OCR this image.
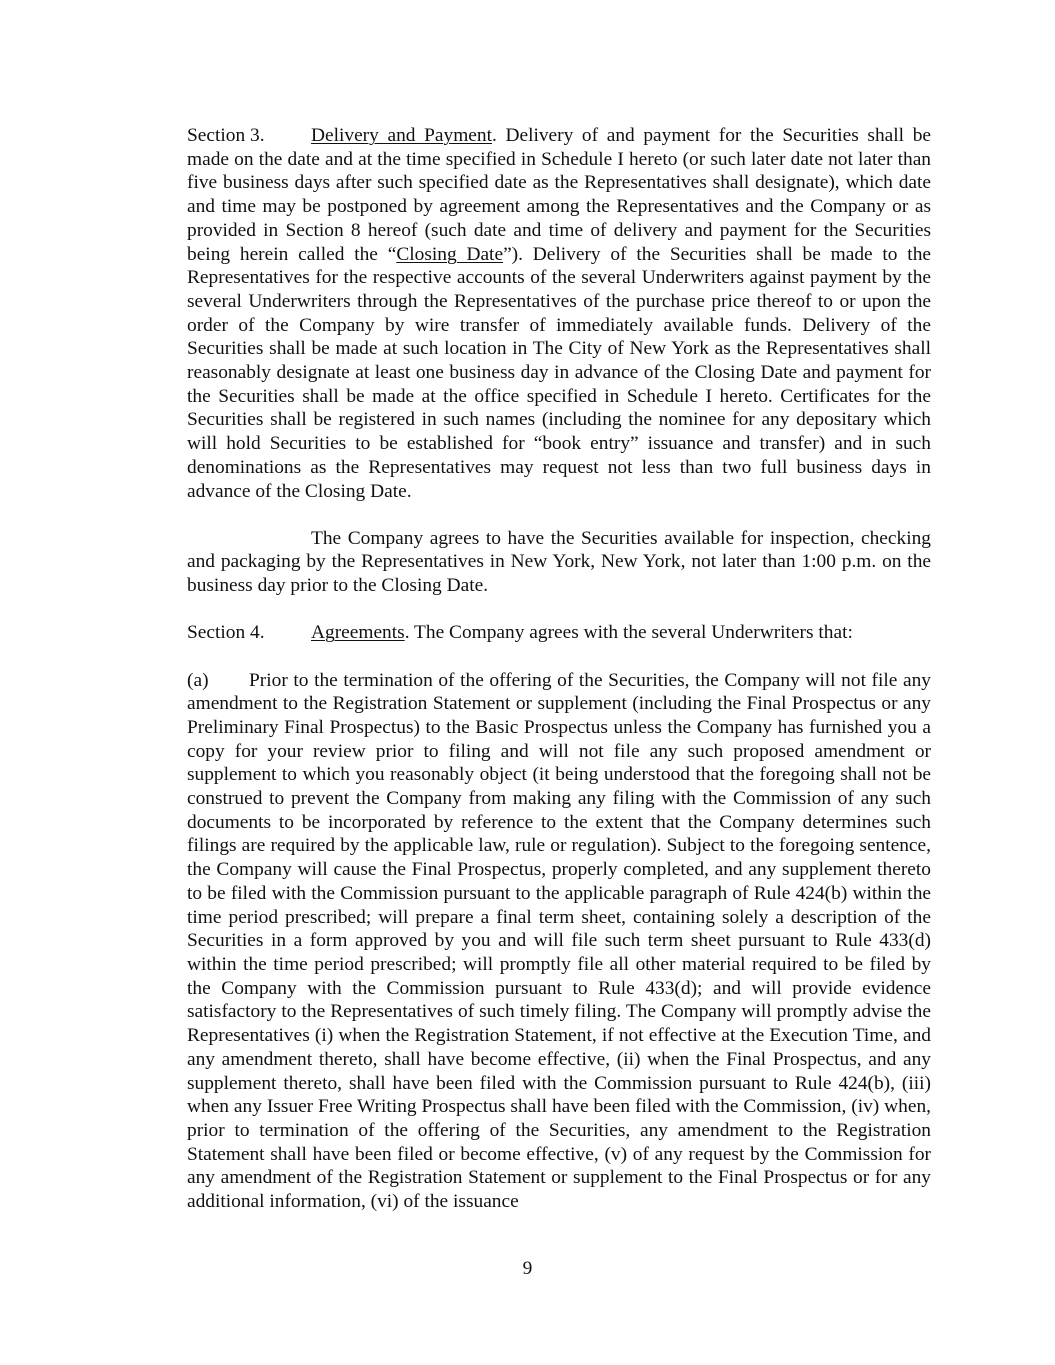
Section 3. Delivery and Payment. Delivery of and payment for the Securities shall be made on the date and at the time specified in Schedule I hereto (or such later date not later than five business days after such specified date as the Representatives shall designate), which date and time may be postponed by agreement among the Representatives and the Company or as provided in Section 8 hereof (such date and time of delivery and payment for the Securities being herein called the “Closing Date”). Delivery of the Securities shall be made to the Representatives for the respective accounts of the several Underwriters against payment by the several Underwriters through the Representatives of the purchase price thereof to or upon the order of the Company by wire transfer of immediately available funds. Delivery of the Securities shall be made at such location in The City of New York as the Representatives shall reasonably designate at least one business day in advance of the Closing Date and payment for the Securities shall be made at the office specified in Schedule I hereto. Certificates for the Securities shall be registered in such names (including the nominee for any depositary which will hold Securities to be established for “book entry” issuance and transfer) and in such denominations as the Representatives may request not less than two full business days in advance of the Closing Date.

The Company agrees to have the Securities available for inspection, checking and packaging by the Representatives in New York, New York, not later than 1:00 p.m. on the business day prior to the Closing Date.

Section 4. Agreements. The Company agrees with the several Underwriters that:

(a) Prior to the termination of the offering of the Securities, the Company will not file any amendment to the Registration Statement or supplement (including the Final Prospectus or any Preliminary Final Prospectus) to the Basic Prospectus unless the Company has furnished you a copy for your review prior to filing and will not file any such proposed amendment or supplement to which you reasonably object (it being understood that the foregoing shall not be construed to prevent the Company from making any filing with the Commission of any such documents to be incorporated by reference to the extent that the Company determines such filings are required by the applicable law, rule or regulation). Subject to the foregoing sentence, the Company will cause the Final Prospectus, properly completed, and any supplement thereto to be filed with the Commission pursuant to the applicable paragraph of Rule 424(b) within the time period prescribed; will prepare a final term sheet, containing solely a description of the Securities in a form approved by you and will file such term sheet pursuant to Rule 433(d) within the time period prescribed; will promptly file all other material required to be filed by the Company with the Commission pursuant to Rule 433(d); and will provide evidence satisfactory to the Representatives of such timely filing. The Company will promptly advise the Representatives (i) when the Registration Statement, if not effective at the Execution Time, and any amendment thereto, shall have become effective, (ii) when the Final Prospectus, and any supplement thereto, shall have been filed with the Commission pursuant to Rule 424(b), (iii) when any Issuer Free Writing Prospectus shall have been filed with the Commission, (iv) when, prior to termination of the offering of the Securities, any amendment to the Registration Statement shall have been filed or become effective, (v) of any request by the Commission for any amendment of the Registration Statement or supplement to the Final Prospectus or for any additional information, (vi) of the issuance

9
